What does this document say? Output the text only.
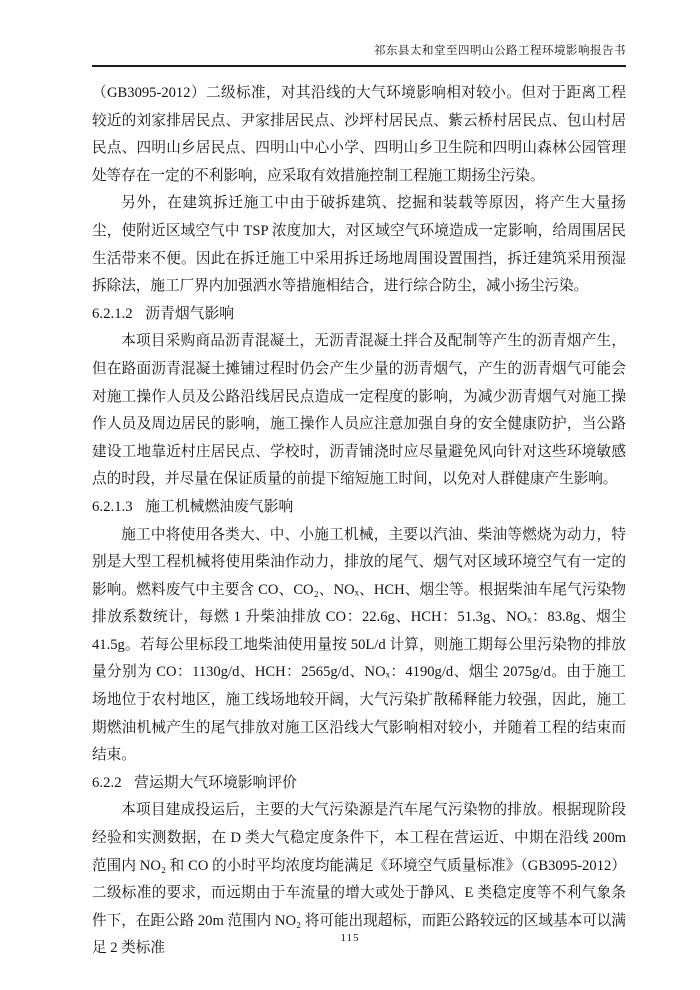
祁东县太和堂至四明山公路工程环境影响报告书

（GB3095-2012）二级标准，对其沿线的大气环境影响相对较小。但对于距离工程较近的刘家排居民点、尹家排居民点、沙坪村居民点、紫云桥村居民点、包山村居民点、四明山乡居民点、四明山中心小学、四明山乡卫生院和四明山森林公园管理处等存在一定的不利影响，应采取有效措施控制工程施工期扬尘污染。

另外，在建筑拆迁施工中由于破拆建筑、挖掘和装载等原因，将产生大量扬尘，使附近区域空气中 TSP 浓度加大，对区域空气环境造成一定影响，给周围居民生活带来不便。因此在拆迁施工中采用拆迁场地周围设置围挡，拆迁建筑采用预湿拆除法，施工厂界内加强洒水等措施相结合，进行综合防尘，减小扬尘污染。

6.2.1.2 沥青烟气影响

本项目采购商品沥青混凝土，无沥青混凝土拌合及配制等产生的沥青烟产生，但在路面沥青混凝土摊铺过程时仍会产生少量的沥青烟气，产生的沥青烟气可能会对施工操作人员及公路沿线居民点造成一定程度的影响，为减少沥青烟气对施工操作人员及周边居民的影响，施工操作人员应注意加强自身的安全健康防护，当公路建设工地靠近村庄居民点、学校时，沥青铺浇时应尽量避免风向针对这些环境敏感点的时段，并尽量在保证质量的前提下缩短施工时间，以免对人群健康产生影响。

6.2.1.3 施工机械燃油废气影响

施工中将使用各类大、中、小施工机械，主要以汽油、柴油等燃烧为动力，特别是大型工程机械将使用柴油作动力，排放的尾气、烟气对区域环境空气有一定的影响。燃料废气中主要含 CO、CO₂、NOₓ、HCH、烟尘等。根据柴油车尾气污染物排放系数统计，每燃 1 升柴油排放 CO：22.6g、HCH：51.3g、NOₓ：83.8g、烟尘 41.5g。若每公里标段工地柴油使用量按 50L/d 计算，则施工期每公里污染物的排放量分别为 CO：1130g/d、HCH：2565g/d、NOₓ：4190g/d、烟尘 2075g/d。由于施工场地位于农村地区，施工线场地较开阔，大气污染扩散稀释能力较强，因此，施工期燃油机械产生的尾气排放对施工区沿线大气影响相对较小，并随着工程的结束而结束。

6.2.2 营运期大气环境影响评价

本项目建成投运后，主要的大气污染源是汽车尾气污染物的排放。根据现阶段经验和实测数据，在 D 类大气稳定度条件下，本工程在营运近、中期在沿线 200m 范围内 NO₂ 和 CO 的小时平均浓度均能满足《环境空气质量标准》（GB3095-2012）二级标准的要求，而远期由于车流量的增大或处于静风、E 类稳定度等不利气象条件下，在距公路 20m 范围内 NO₂ 将可能出现超标，而距公路较远的区域基本可以满足 2 类标准

115
